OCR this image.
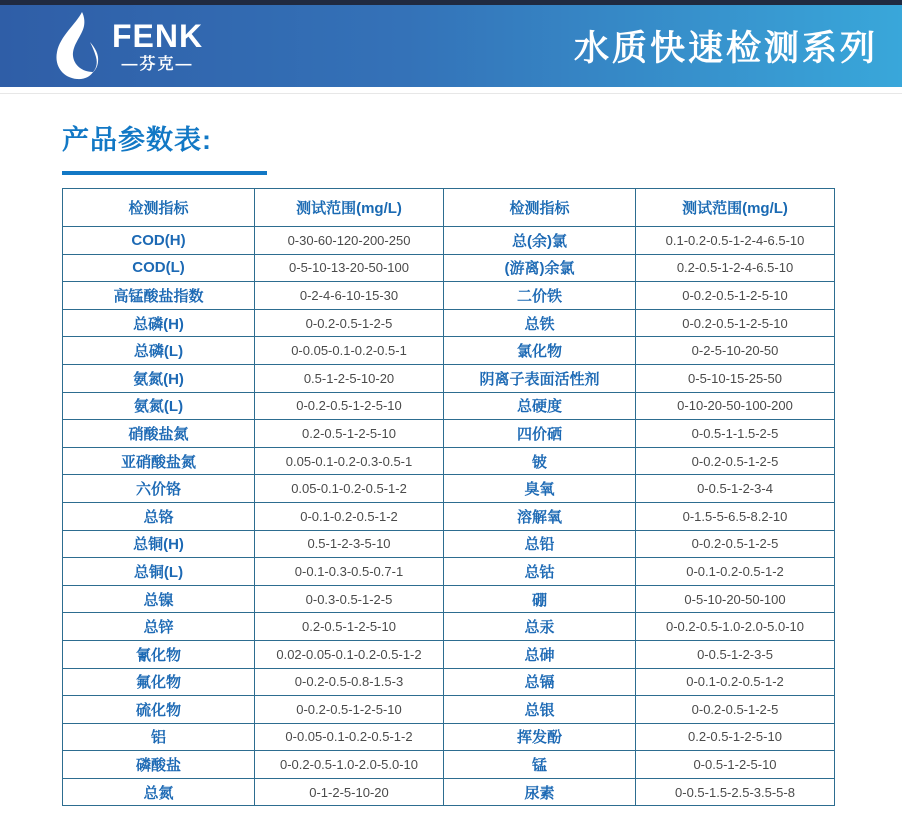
FENK
—芬克—	水质快速检测系列
产品参数表:
检测指标	测试范围(mg/L)	检测指标	测试范围(mg/L)
COD(H)	0-30-60-120-200-250	总(余)氯	0.1-0.2-0.5-1-2-4-6.5-10
COD(L)	0-5-10-13-20-50-100	(游离)余氯	0.2-0.5-1-2-4-6.5-10
高锰酸盐指数	0-2-4-6-10-15-30	二价铁	0-0.2-0.5-1-2-5-10
总磷(H)	0-0.2-0.5-1-2-5	总铁	0-0.2-0.5-1-2-5-10
总磷(L)	0-0.05-0.1-0.2-0.5-1	氯化物	0-2-5-10-20-50
氨氮(H)	0.5-1-2-5-10-20	阴离子表面活性剂	0-5-10-15-25-50
氨氮(L)	0-0.2-0.5-1-2-5-10	总硬度	0-10-20-50-100-200
硝酸盐氮	0.2-0.5-1-2-5-10	四价硒	0-0.5-1-1.5-2-5
亚硝酸盐氮	0.05-0.1-0.2-0.3-0.5-1	铍	0-0.2-0.5-1-2-5
六价铬	0.05-0.1-0.2-0.5-1-2	臭氧	0-0.5-1-2-3-4
总铬	0-0.1-0.2-0.5-1-2	溶解氧	0-1.5-5-6.5-8.2-10
总铜(H)	0.5-1-2-3-5-10	总铅	0-0.2-0.5-1-2-5
总铜(L)	0-0.1-0.3-0.5-0.7-1	总钴	0-0.1-0.2-0.5-1-2
总镍	0-0.3-0.5-1-2-5	硼	0-5-10-20-50-100
总锌	0.2-0.5-1-2-5-10	总汞	0-0.2-0.5-1.0-2.0-5.0-10
氰化物	0.02-0.05-0.1-0.2-0.5-1-2	总砷	0-0.5-1-2-3-5
氟化物	0-0.2-0.5-0.8-1.5-3	总镉	0-0.1-0.2-0.5-1-2
硫化物	0-0.2-0.5-1-2-5-10	总银	0-0.2-0.5-1-2-5
铝	0-0.05-0.1-0.2-0.5-1-2	挥发酚	0.2-0.5-1-2-5-10
磷酸盐	0-0.2-0.5-1.0-2.0-5.0-10	锰	0-0.5-1-2-5-10
总氮	0-1-2-5-10-20	尿素	0-0.5-1.5-2.5-3.5-5-8
